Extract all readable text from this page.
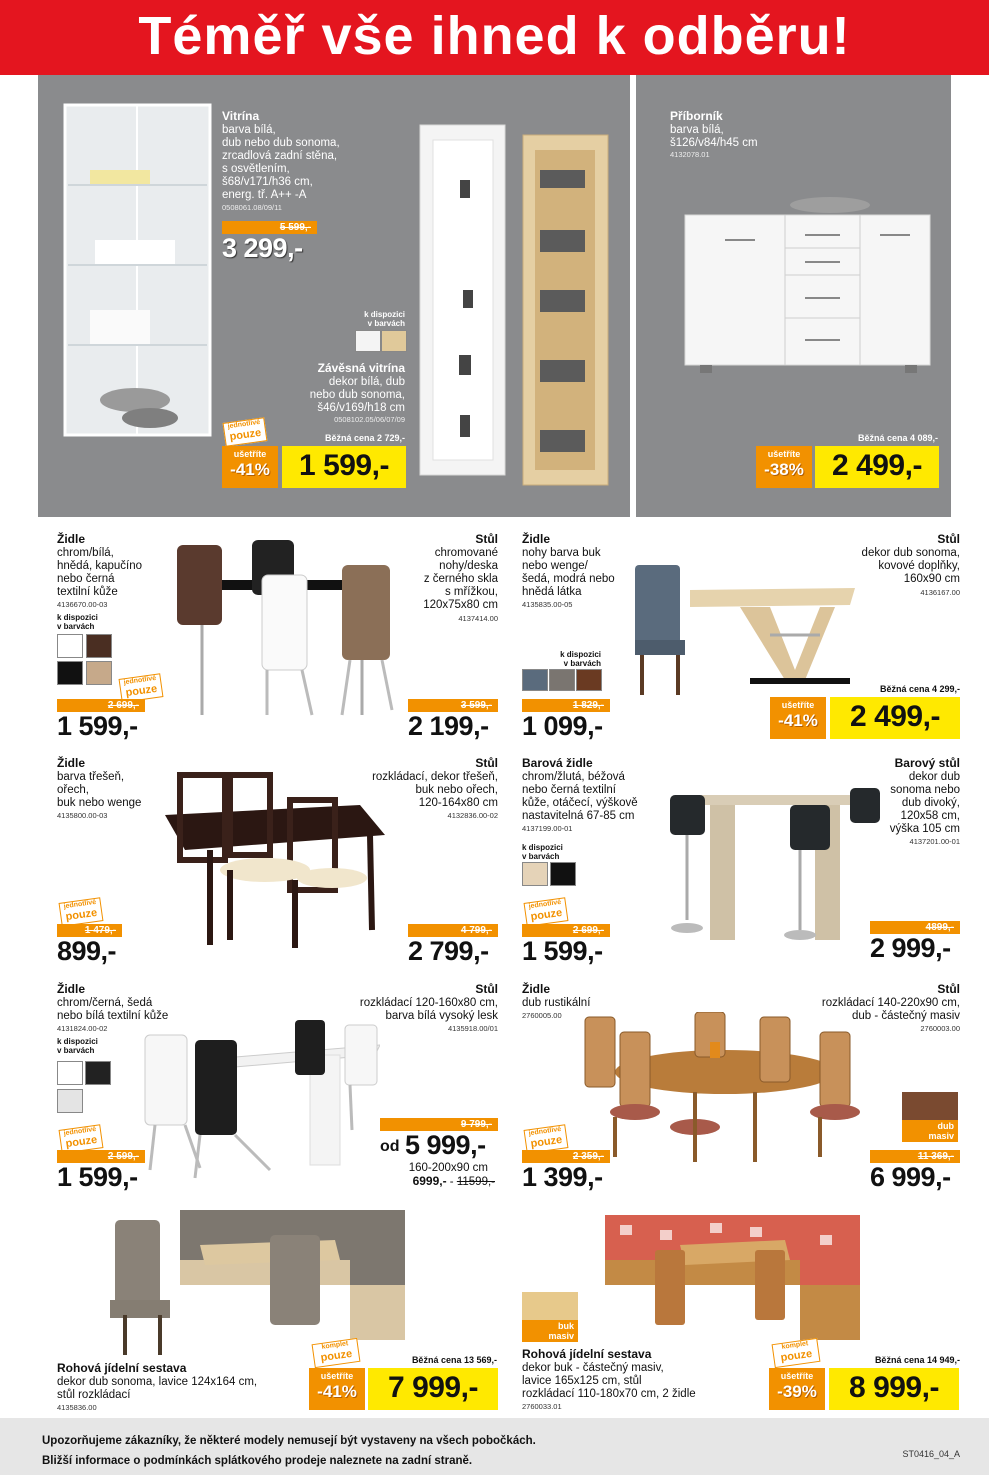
Téměř vše ihned k odběru!
Vitrína
barva bílá,
dub nebo dub sonoma,
zrcadlová zadní stěna,
s osvětlením,
š68/v171/h36 cm,
energ. tř. A++ -A
0508061.08/09/11
5 599,-
3 299,-
k dispozici
v barvách
Závěsná vitrína
dekor bílá, dub
nebo dub sonoma,
š46/v169/h18 cm
0508102.05/06/07/09
jednotlivé
pouze	Běžná cena 2 729,-
ušetříte
-41% 1 599,-
Příborník
barva bílá,
š126/v84/h45 cm
4132078.01
Běžná cena 4 089,-
ušetříte
-38% 2 499,-
Židle
chrom/bílá,
hnědá, kapučíno
nebo černá
textilní kůže
4136670.00-03
k dispozici
v barvách
jednotlivé
pouze
2 699,-
1 599,-
Stůl
chromované
nohy/deska
z černého skla
s mřížkou,
120x75x80 cm
4137414.00
3 599,-
2 199,-
Židle
nohy barva buk
nebo wenge/
šedá, modrá nebo
hnědá látka
4135835.00-05
k dispozici
v barvách
1 829,-
1 099,-
Stůl
dekor dub sonoma,
kovové doplňky,
160x90 cm
4136167.00
Běžná cena 4 299,-
ušetříte
-41%	2 499,-
Židle
barva třešeň,
ořech,
buk nebo wenge
4135800.00-03
jednotlivé
pouze
1 479,-
899,-
Stůl
rozkládací, dekor třešeň,
buk nebo ořech,
120-164x80 cm
4132836.00-02
4 799,-
2 799,-
Barová židle
chrom/žlutá, béžová
nebo černá textilní
kůže, otáčecí, výškově
nastavitelná 67-85 cm
4137199.00-01
k dispozici
v barvách
jednotlivé
pouze
2 699,-
1 599,-
Barový stůl
dekor dub
sonoma nebo
dub divoký,
120x58 cm,
výška 105 cm
4137201.00-01
4899,-
2 999,-
Židle
chrom/černá, šedá
nebo bílá textilní kůže
4131824.00-02
k dispozici
v barvách
jednotlivé
pouze
2 599,-
1 599,-
Stůl
rozkládací 120-160x80 cm,
barva bílá vysoký lesk
4135918.00/01
9 799,-
od 5 999,-
160-200x90 cm
6999,- - 11599,-
Židle
dub rustikální
2760005.00
jednotlivé
pouze
2 359,-
1 399,-
Stůl
rozkládací 140-220x90 cm,
dub - částečný masiv
2760003.00
dub
masiv
11 369,-
6 999,-
Rohová jídelní sestava
dekor dub sonoma, lavice 124x164 cm,
stůl rozkládací
4135836.00
komplet
pouze	Běžná cena 13 569,-
ušetříte
-41%	7 999,-
buk
masiv
Rohová jídelní sestava
dekor buk - částečný masiv,
lavice 165x125 cm, stůl
rozkládací 110-180x70 cm, 2 židle
2760033.01
komplet
pouze	Běžná cena 14 949,-
ušetříte
-39%	8 999,-
Upozorňujeme zákazníky, že některé modely nemusejí být vystaveny na všech pobočkách.
Bližší informace o podmínkách splátkového prodeje naleznete na zadní straně.
ST0416_04_A
